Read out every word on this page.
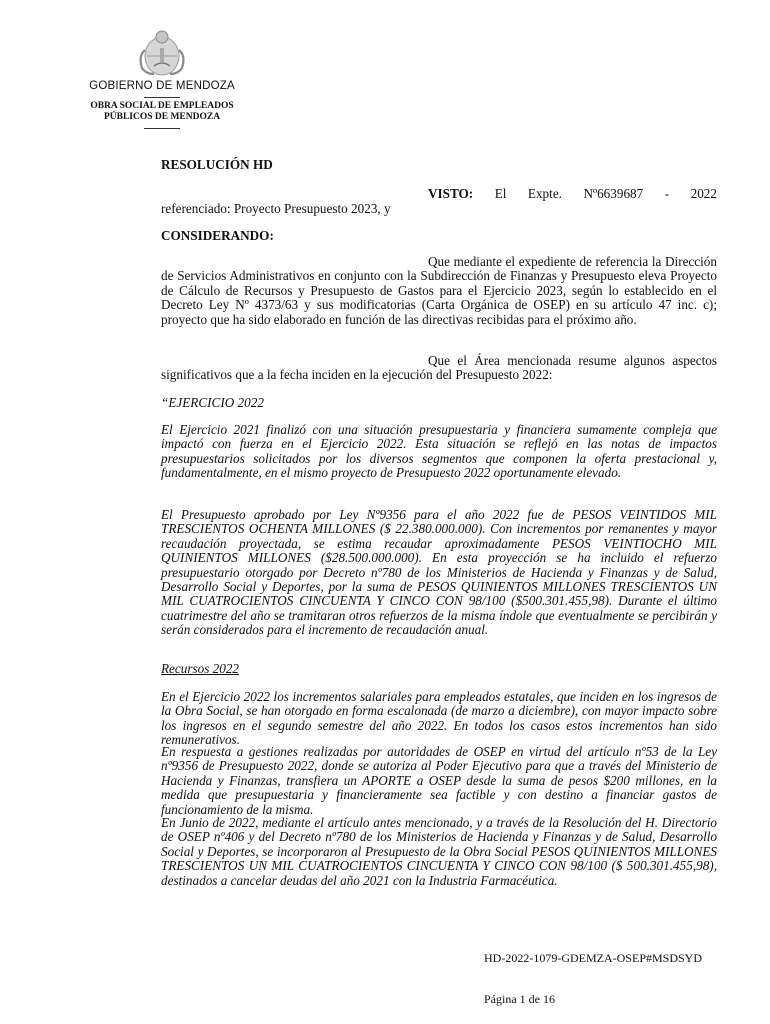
GOBIERNO DE MENDOZA
OBRA SOCIAL DE EMPLEADOS
PÚBLICOS DE MENDOZA
RESOLUCIÓN HD
VISTO: El Expte. Nº6639687 - 2022
referenciado: Proyecto Presupuesto 2023, y
CONSIDERANDO:
Que mediante el expediente de referencia la Dirección de Servicios Administrativos en conjunto con la Subdirección de Finanzas y Presupuesto eleva Proyecto de Cálculo de Recursos y Presupuesto de Gastos para el Ejercicio 2023, según lo establecido en el Decreto Ley Nº 4373/63 y sus modificatorias (Carta Orgánica de OSEP) en su artículo 47 inc. c); proyecto que ha sido elaborado en función de las directivas recibidas para el próximo año.
Que el Área mencionada resume algunos aspectos significativos que a la fecha inciden en la ejecución del Presupuesto 2022:
“EJERCICIO 2022
El Ejercicio 2021 finalizó con una situación presupuestaria y financiera sumamente compleja que impactó con fuerza en el Ejercicio 2022. Esta situación se reflejó en las notas de impactos presupuestarios solicitados por los diversos segmentos que componen la oferta prestacional y, fundamentalmente, en el mismo proyecto de Presupuesto 2022 oportunamente elevado.
El Presupuesto aprobado por Ley Nº9356 para el año 2022 fue de PESOS VEINTIDOS MIL TRESCIENTOS OCHENTA MILLONES ($ 22.380.000.000). Con incrementos por remanentes y mayor recaudación proyectada, se estima recaudar aproximadamente PESOS VEINTIOCHO MIL QUINIENTOS MILLONES ($28.500.000.000). En esta proyección se ha incluido el refuerzo presupuestario otorgado por Decreto nº780 de los Ministerios de Hacienda y Finanzas y de Salud, Desarrollo Social y Deportes, por la suma de PESOS QUINIENTOS MILLONES TRESCIENTOS UN MIL CUATROCIENTOS CINCUENTA Y CINCO CON 98/100 ($500.301.455,98). Durante el último cuatrimestre del año se tramitaran otros refuerzos de la misma índole que eventualmente se percibirán y serán considerados para el incremento de recaudación anual.
Recursos 2022
En el Ejercicio 2022 los incrementos salariales para empleados estatales, que inciden en los ingresos de la Obra Social, se han otorgado en forma escalonada (de marzo a diciembre), con mayor impacto sobre los ingresos en el segundo semestre del año 2022. En todos los casos estos incrementos han sido remunerativos.
En respuesta a gestiones realizadas por autoridades de OSEP en virtud del artículo nº53 de la Ley nº9356 de Presupuesto 2022, donde se autoriza al Poder Ejecutivo para que a través del Ministerio de Hacienda y Finanzas, transfiera un APORTE a OSEP desde la suma de pesos $200 millones, en la medida que presupuestaria y financieramente sea factible y con destino a financiar gastos de funcionamiento de la misma.
En Junio de 2022, mediante el artículo antes mencionado, y a través de la Resolución del H. Directorio de OSEP nº406 y del Decreto nº780 de los Ministerios de Hacienda y Finanzas y de Salud, Desarrollo Social y Deportes, se incorporaron al Presupuesto de la Obra Social PESOS QUINIENTOS MILLONES TRESCIENTOS UN MIL CUATROCIENTOS CINCUENTA Y CINCO CON 98/100 ($ 500.301.455,98), destinados a cancelar deudas del año 2021 con la Industria Farmacéutica.
HD-2022-1079-GDEMZA-OSEP#MSDSYD
Página 1 de 16
